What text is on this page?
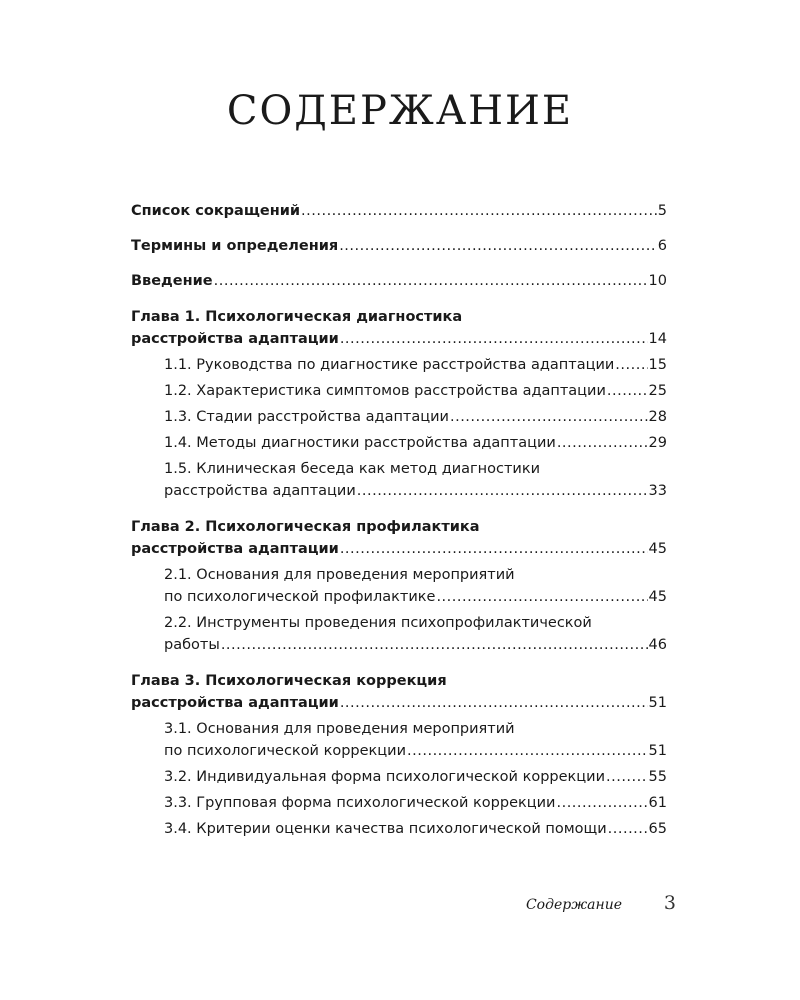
СОДЕРЖАНИЕ
Список сокращений .....	5
Термины и определения .....	6
Введение .....	10
Глава 1. Психологическая диагностика
расстройства адаптации .....	14
1.1. Руководства по диагностике расстройства адаптации ..... 15
1.2. Характеристика симптомов расстройства адаптации .....	25
1.3. Стадии расстройства адаптации .....	28
1.4. Методы диагностики расстройства адаптации .....	29
1.5. Клиническая беседа как метод диагностики
расстройства адаптации .....	33
Глава 2. Психологическая профилактика
расстройства адаптации .....	45
2.1. Основания для проведения мероприятий
по психологической профилактике .....	45
2.2. Инструменты проведения психопрофилактической
работы .....	46
Глава 3. Психологическая коррекция
расстройства адаптации .....	51
3.1. Основания для проведения мероприятий
по психологической коррекции .....	51
3.2. Индивидуальная форма психологической коррекции .....	55
3.3. Групповая форма психологической коррекции .....	61
3.4. Критерии оценки качества психологической помощи .....	65
Содержание 3
